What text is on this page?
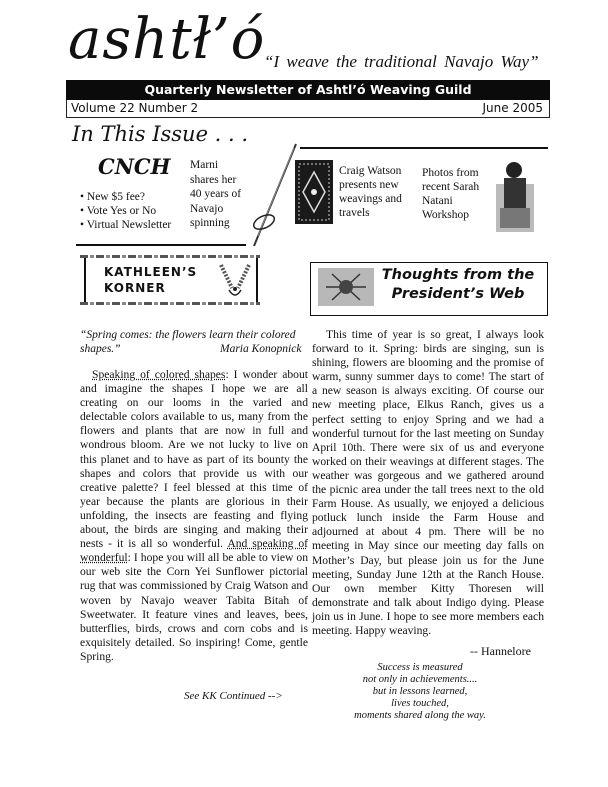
ashtł’ó
“I weave the traditional Navajo Way”
Quarterly Newsletter of Ashtl’ó Weaving Guild
Volume 22 Number 2	June 2005
In This Issue . . .
CNCH
• New $5 fee?
• Vote Yes or No
• Virtual Newsletter
Marni
shares her
40 years of
Navajo
spinning
Craig Watson
presents new
weavings and
travels
Photos from
recent Sarah
Natani
Workshop
KATHLEEN’S
KORNER
Thoughts from the
President’s Web
“Spring comes: the flowers learn their colored shapes.”	Maria Konopnick
Speaking of colored shapes: I wonder about and imagine the shapes I hope we are all creating on our looms in the varied and delectable colors available to us, many from the flowers and plants that are now in full and wondrous bloom. Are we not lucky to live on this planet and to have as part of its bounty the shapes and colors that provide us with our creative palette? I feel blessed at this time of year because the plants are glorious in their unfolding, the insects are feasting and flying about, the birds are singing and making their nests - it is all so wonderful. And speaking of wonderful: I hope you will all be able to view on our web site the Corn Yei Sunflower pictorial rug that was commissioned by Craig Watson and woven by Navajo weaver Tabita Bitah of Sweetwater. It feature vines and leaves, bees, butterflies, birds, crows and corn cobs and is exquisitely detailed. So inspiring! Come, gentle Spring.
See KK Continued -->
This time of year is so great, I always look forward to it. Spring: birds are singing, sun is shining, flowers are blooming and the promise of warm, sunny summer days to come! The start of a new season is always exciting. Of course our new meeting place, Elkus Ranch, gives us a perfect setting to enjoy Spring and we had a wonderful turnout for the last meeting on Sunday April 10th. There were six of us and everyone worked on their weavings at different stages. The weather was gorgeous and we gathered around the picnic area under the tall trees next to the old Farm House. As usually, we enjoyed a delicious potluck lunch inside the Farm House and adjourned at about 4 pm. There will be no meeting in May since our meeting day falls on Mother’s Day, but please join us for the June meeting, Sunday June 12th at the Ranch House. Our own member Kitty Thoresen will demonstrate and talk about Indigo dying. Please join us in June. I hope to see more members each meeting. Happy weaving.
-- Hannelore
Success is measured
not only in achievements....
but in lessons learned,
lives touched,
moments shared along the way.
